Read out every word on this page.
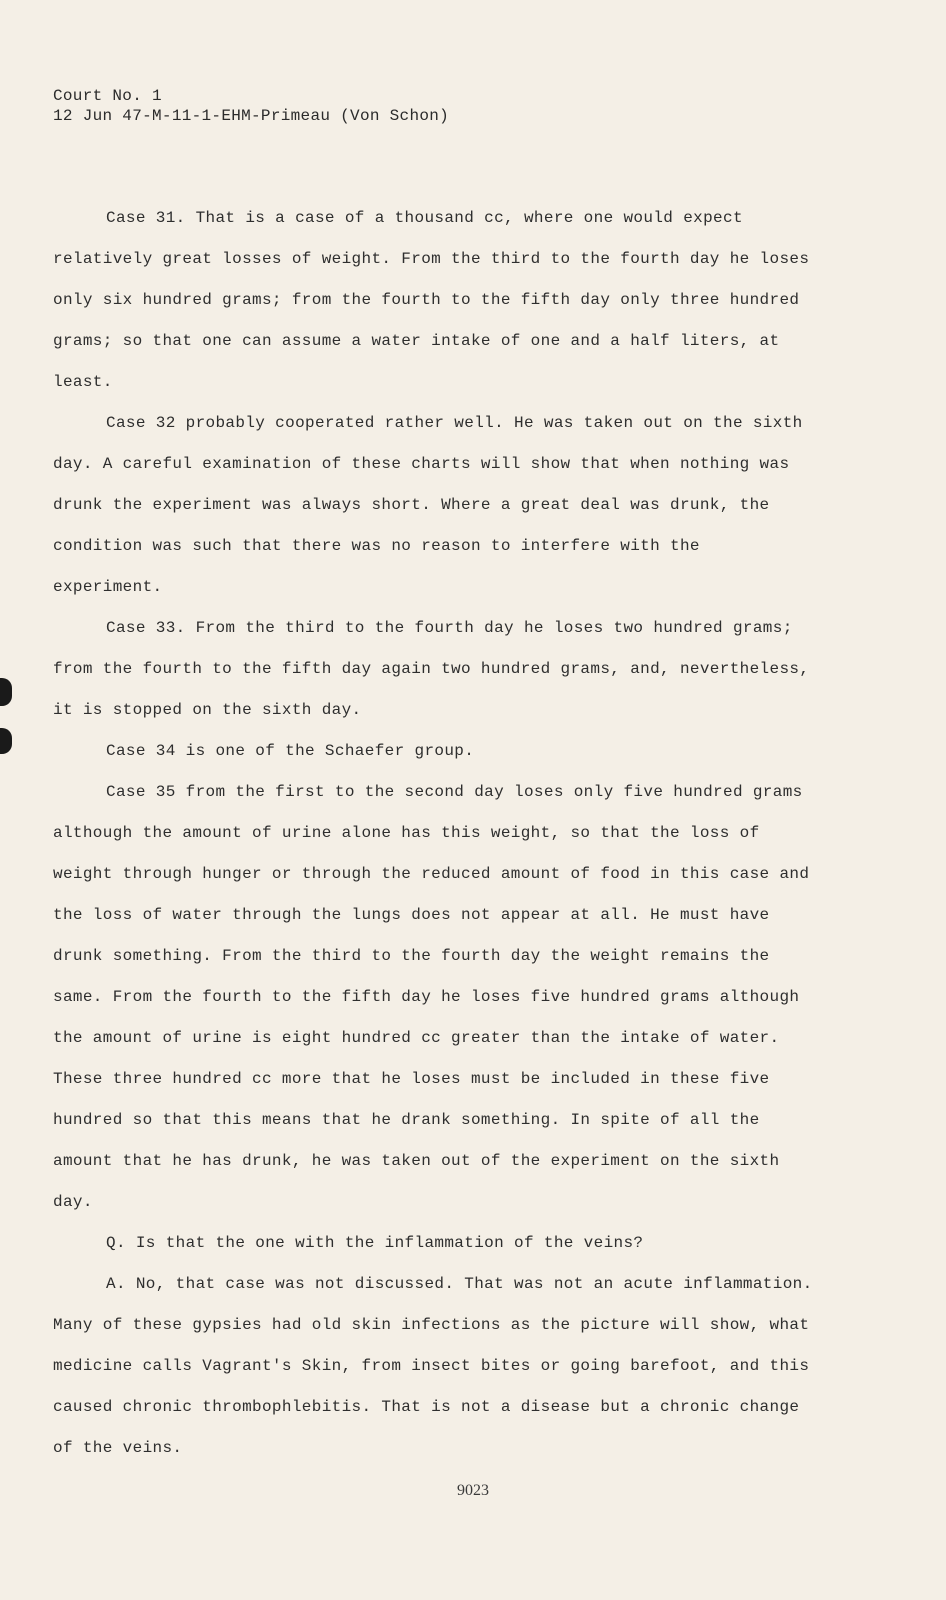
Court No. 1
12 Jun 47-M-11-1-EHM-Primeau (Von Schon)

Case 31. That is a case of a thousand cc, where one would expect relatively great losses of weight. From the third to the fourth day he loses only six hundred grams; from the fourth to the fifth day only three hundred grams; so that one can assume a water intake of one and a half liters, at least.

Case 32 probably cooperated rather well. He was taken out on the sixth day. A careful examination of these charts will show that when nothing was drunk the experiment was always short. Where a great deal was drunk, the condition was such that there was no reason to interfere with the experiment.

Case 33. From the third to the fourth day he loses two hundred grams; from the fourth to the fifth day again two hundred grams, and, nevertheless, it is stopped on the sixth day.

Case 34 is one of the Schaefer group.

Case 35 from the first to the second day loses only five hundred grams although the amount of urine alone has this weight, so that the loss of weight through hunger or through the reduced amount of food in this case and the loss of water through the lungs does not appear at all. He must have drunk something. From the third to the fourth day the weight remains the same. From the fourth to the fifth day he loses five hundred grams although the amount of urine is eight hundred cc greater than the intake of water. These three hundred cc more that he loses must be included in these five hundred so that this means that he drank something. In spite of all the amount that he has drunk, he was taken out of the experiment on the sixth day.

Q. Is that the one with the inflammation of the veins?

A. No, that case was not discussed. That was not an acute inflammation. Many of these gypsies had old skin infections as the picture will show, what medicine calls Vagrant's Skin, from insect bites or going barefoot, and this caused chronic thrombophlebitis. That is not a disease but a chronic change of the veins.

9023
